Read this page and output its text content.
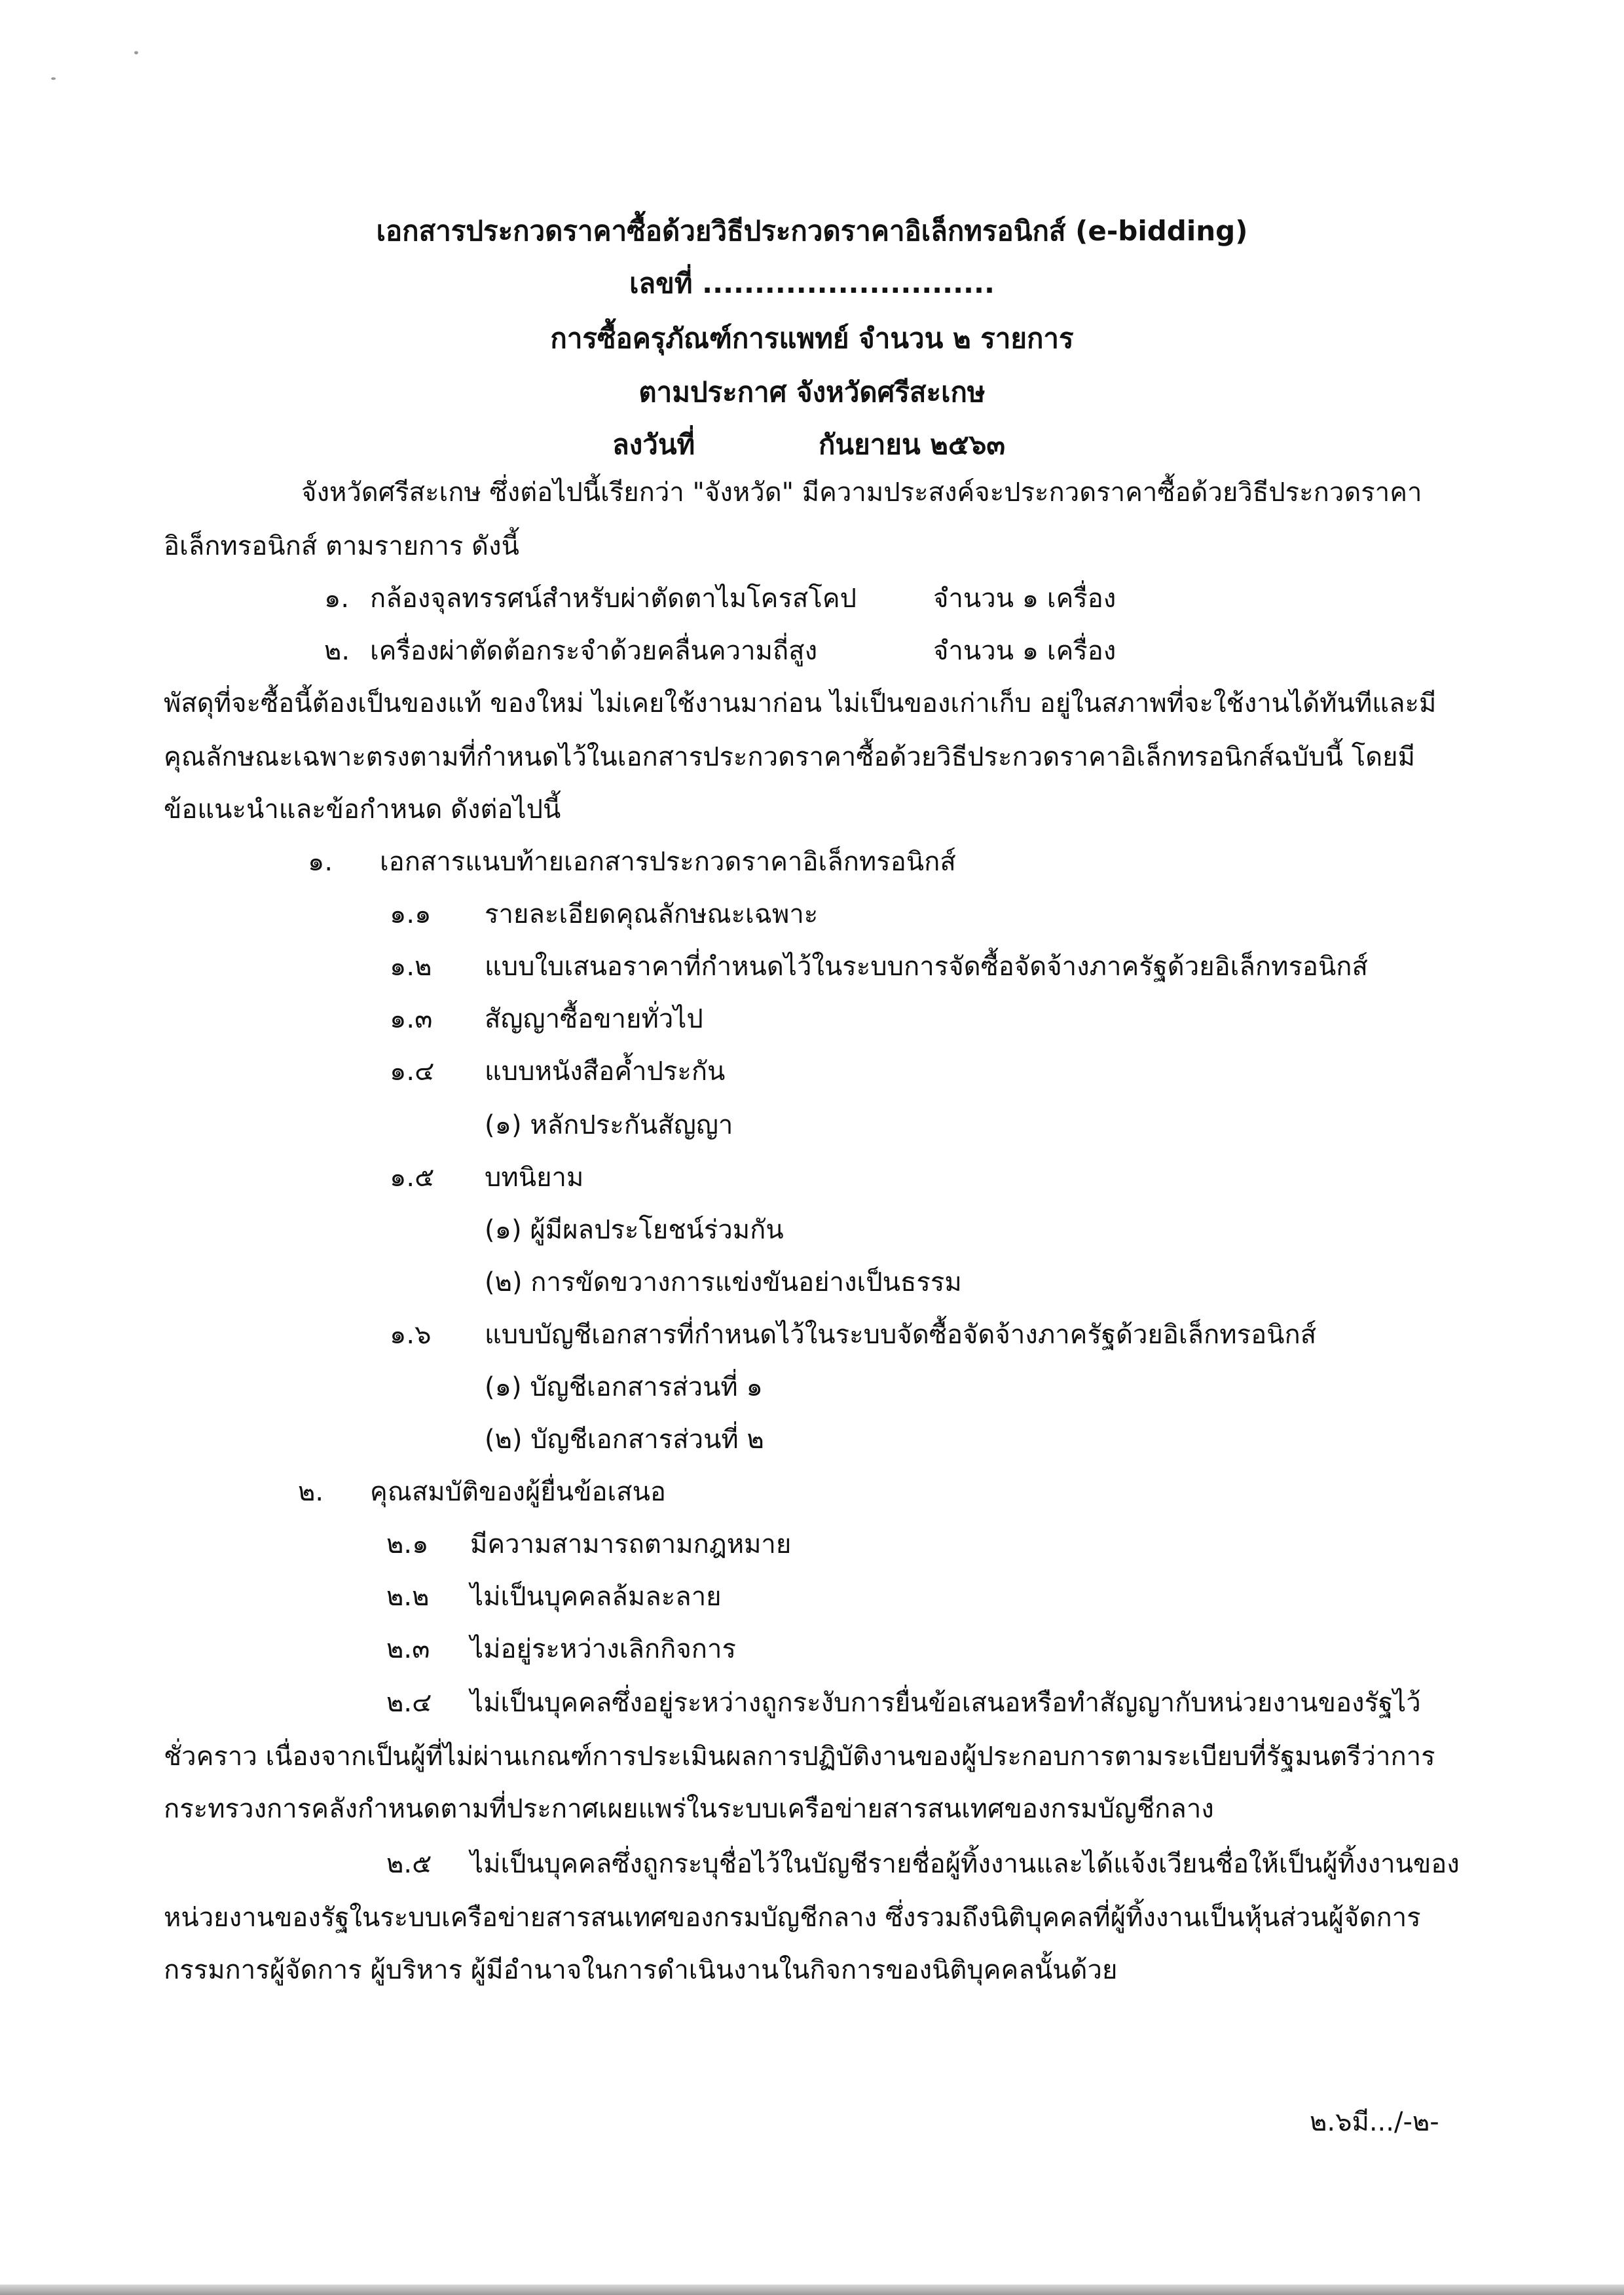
เอกสารประกวดราคาซื้อด้วยวิธีประกวดราคาอิเล็กทรอนิกส์ (e-bidding)
เลขที่ ............................
การซื้อครุภัณฑ์การแพทย์ จำนวน ๒ รายการ
ตามประกาศ จังหวัดศรีสะเกษ
ลงวันที่	กันยายน ๒๕๖๓
จังหวัดศรีสะเกษ ซึ่งต่อไปนี้เรียกว่า "จังหวัด" มีความประสงค์จะประกวดราคาซื้อด้วยวิธีประกวดราคา
อิเล็กทรอนิกส์ ตามรายการ ดังนี้
๑. กล้องจุลทรรศน์สำหรับผ่าตัดตาไมโครสโคป	จำนวน ๑ เครื่อง
๒. เครื่องผ่าตัดต้อกระจำด้วยคลื่นความถี่สูง	จำนวน ๑ เครื่อง
พัสดุที่จะซื้อนี้ต้องเป็นของแท้ ของใหม่ ไม่เคยใช้งานมาก่อน ไม่เป็นของเก่าเก็บ อยู่ในสภาพที่จะใช้งานได้ทันทีและมี
คุณลักษณะเฉพาะตรงตามที่กำหนดไว้ในเอกสารประกวดราคาซื้อด้วยวิธีประกวดราคาอิเล็กทรอนิกส์ฉบับนี้ โดยมี
ข้อแนะนำและข้อกำหนด ดังต่อไปนี้
๑. เอกสารแนบท้ายเอกสารประกวดราคาอิเล็กทรอนิกส์
๑.๑ รายละเอียดคุณลักษณะเฉพาะ
๑.๒ แบบใบเสนอราคาที่กำหนดไว้ในระบบการจัดซื้อจัดจ้างภาครัฐด้วยอิเล็กทรอนิกส์
๑.๓ สัญญาซื้อขายทั่วไป
๑.๔ แบบหนังสือค้ำประกัน
(๑) หลักประกันสัญญา
๑.๕ บทนิยาม
(๑) ผู้มีผลประโยชน์ร่วมกัน
(๒) การขัดขวางการแข่งขันอย่างเป็นธรรม
๑.๖ แบบบัญชีเอกสารที่กำหนดไว้ในระบบจัดซื้อจัดจ้างภาครัฐด้วยอิเล็กทรอนิกส์
(๑) บัญชีเอกสารส่วนที่ ๑
(๒) บัญชีเอกสารส่วนที่ ๒
๒. คุณสมบัติของผู้ยื่นข้อเสนอ
๒.๑ มีความสามารถตามกฎหมาย
๒.๒ ไม่เป็นบุคคลล้มละลาย
๒.๓ ไม่อยู่ระหว่างเลิกกิจการ
๒.๔ ไม่เป็นบุคคลซึ่งอยู่ระหว่างถูกระงับการยื่นข้อเสนอหรือทำสัญญากับหน่วยงานของรัฐไว้
ชั่วคราว เนื่องจากเป็นผู้ที่ไม่ผ่านเกณฑ์การประเมินผลการปฏิบัติงานของผู้ประกอบการตามระเบียบที่รัฐมนตรีว่าการ
กระทรวงการคลังกำหนดตามที่ประกาศเผยแพร่ในระบบเครือข่ายสารสนเทศของกรมบัญชีกลาง
๒.๕ ไม่เป็นบุคคลซึ่งถูกระบุชื่อไว้ในบัญชีรายชื่อผู้ทิ้งงานและได้แจ้งเวียนชื่อให้เป็นผู้ทิ้งงานของ
หน่วยงานของรัฐในระบบเครือข่ายสารสนเทศของกรมบัญชีกลาง ซึ่งรวมถึงนิติบุคคลที่ผู้ทิ้งงานเป็นหุ้นส่วนผู้จัดการ
กรรมการผู้จัดการ ผู้บริหาร ผู้มีอำนาจในการดำเนินงานในกิจการของนิติบุคคลนั้นด้วย
๒.๖มี.../-๒-
